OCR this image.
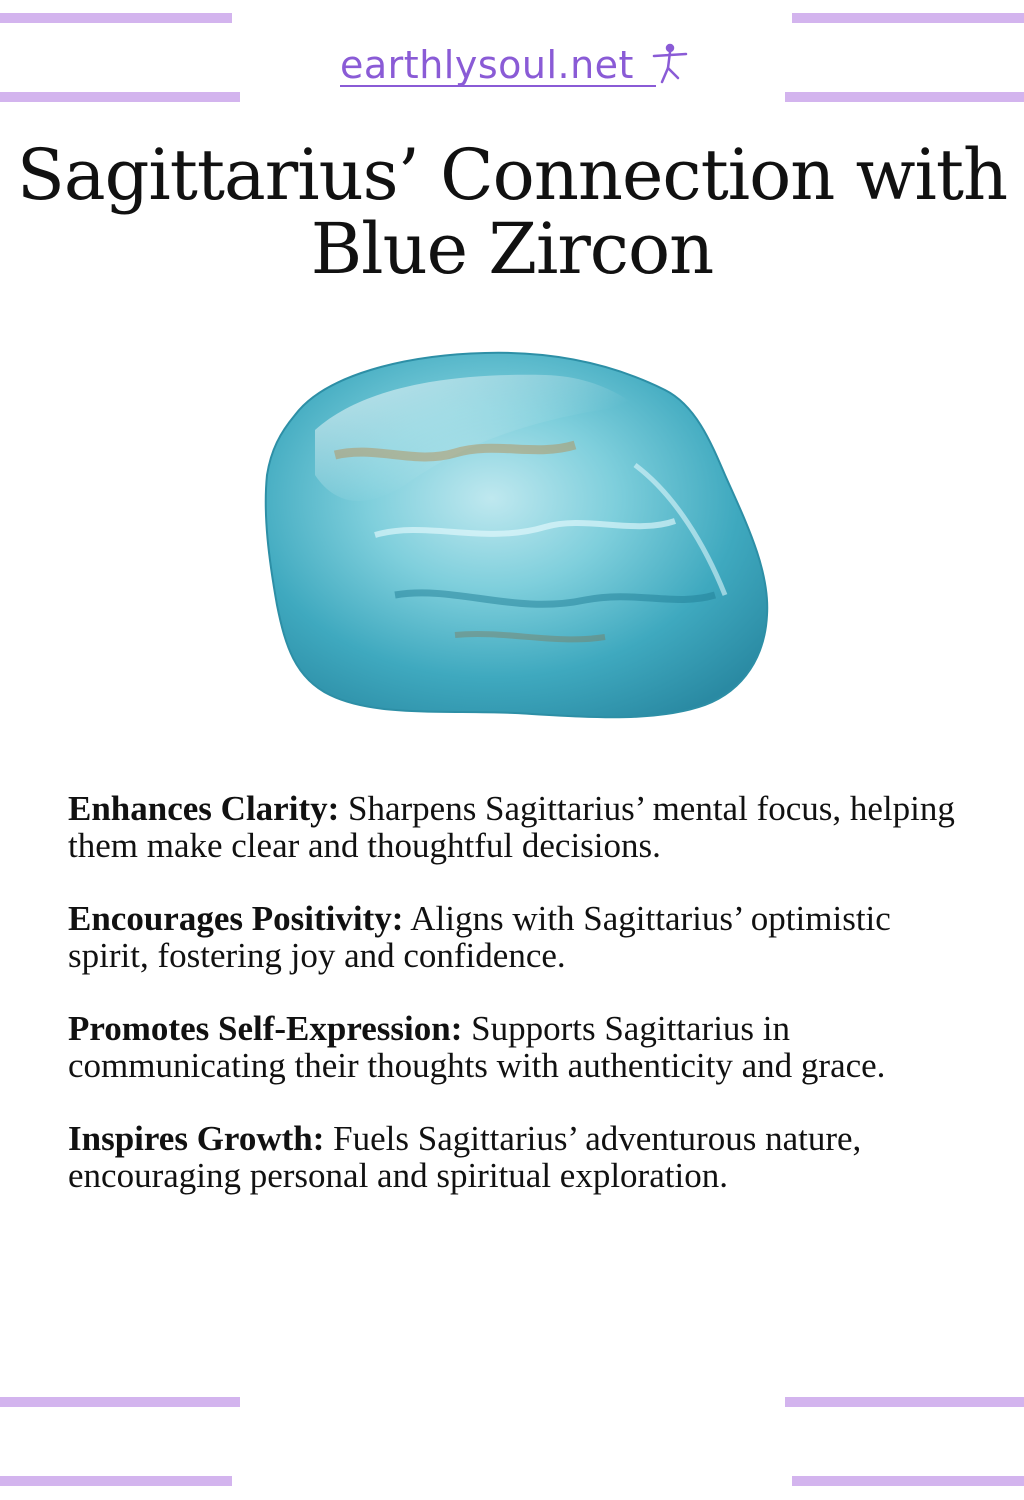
earthlysoul.net
Sagittarius’ Connection with
Blue Zircon

Enhances Clarity: Sharpens Sagittarius’ mental focus, helping them make clear and thoughtful decisions.

Encourages Positivity: Aligns with Sagittarius’ optimistic spirit, fostering joy and confidence.

Promotes Self-Expression: Supports Sagittarius in communicating their thoughts with authenticity and grace.

Inspires Growth: Fuels Sagittarius’ adventurous nature, encouraging personal and spiritual exploration.
